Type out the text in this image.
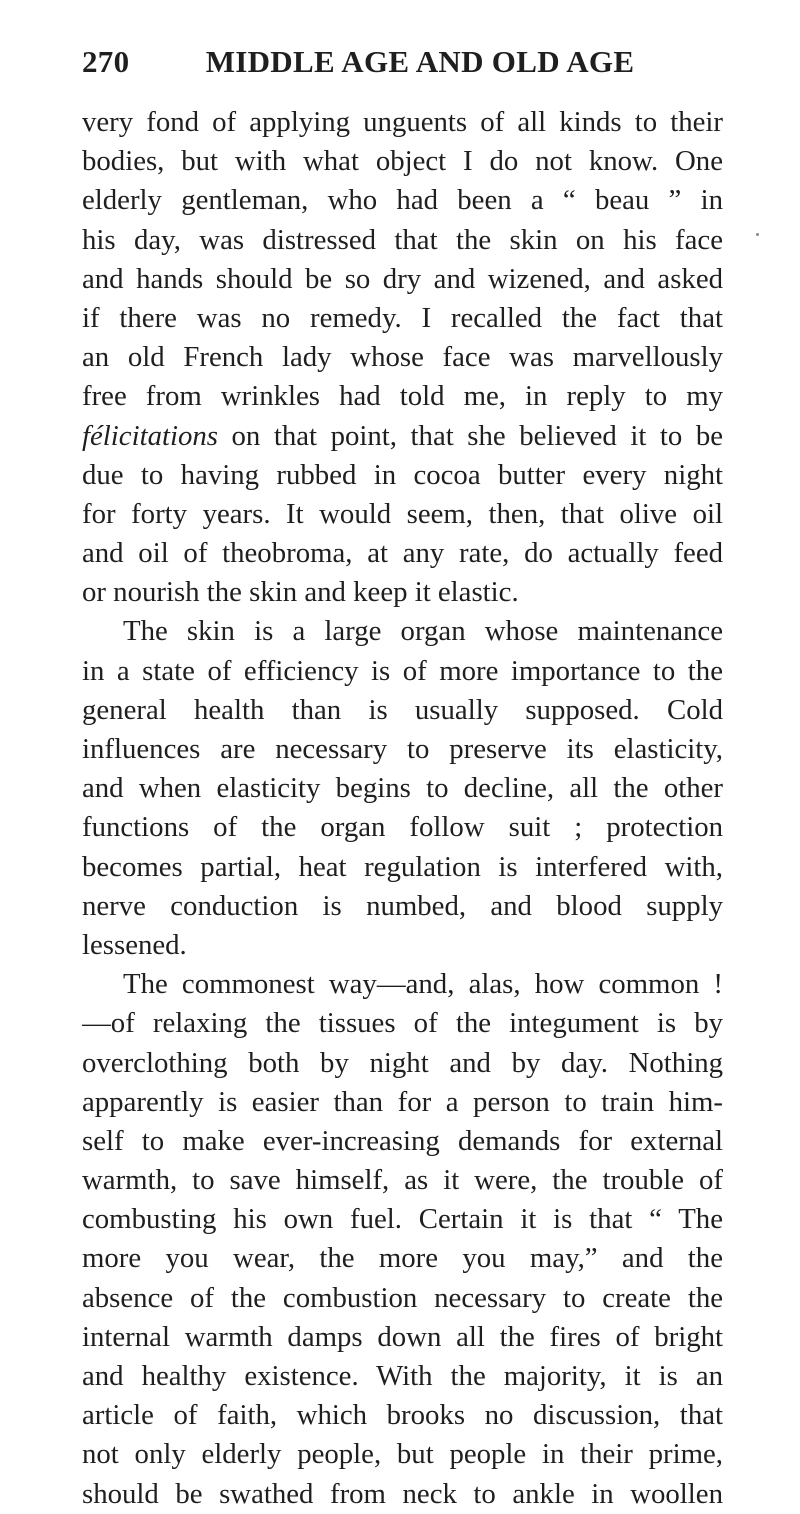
270	MIDDLE AGE AND OLD AGE
very fond of applying unguents of all kinds to their
bodies, but with what object I do not know. One
elderly gentleman, who had been a “ beau ” in
his day, was distressed that the skin on his face
and hands should be so dry and wizened, and asked
if there was no remedy. I recalled the fact that
an old French lady whose face was marvellously
free from wrinkles had told me, in reply to my
félicitations on that point, that she believed it to be
due to having rubbed in cocoa butter every night
for forty years. It would seem, then, that olive oil
and oil of theobroma, at any rate, do actually feed
or nourish the skin and keep it elastic.
The skin is a large organ whose maintenance
in a state of efficiency is of more importance to the
general health than is usually supposed. Cold
influences are necessary to preserve its elasticity,
and when elasticity begins to decline, all the other
functions of the organ follow suit ; protection
becomes partial, heat regulation is interfered with,
nerve conduction is numbed, and blood supply
lessened.
The commonest way—and, alas, how common !
—of relaxing the tissues of the integument is by
overclothing both by night and by day. Nothing
apparently is easier than for a person to train him-
self to make ever-increasing demands for external
warmth, to save himself, as it were, the trouble of
combusting his own fuel. Certain it is that “ The
more you wear, the more you may,” and the
absence of the combustion necessary to create the
internal warmth damps down all the fires of bright
and healthy existence. With the majority, it is an
article of faith, which brooks no discussion, that
not only elderly people, but people in their prime,
should be swathed from neck to ankle in woollen
